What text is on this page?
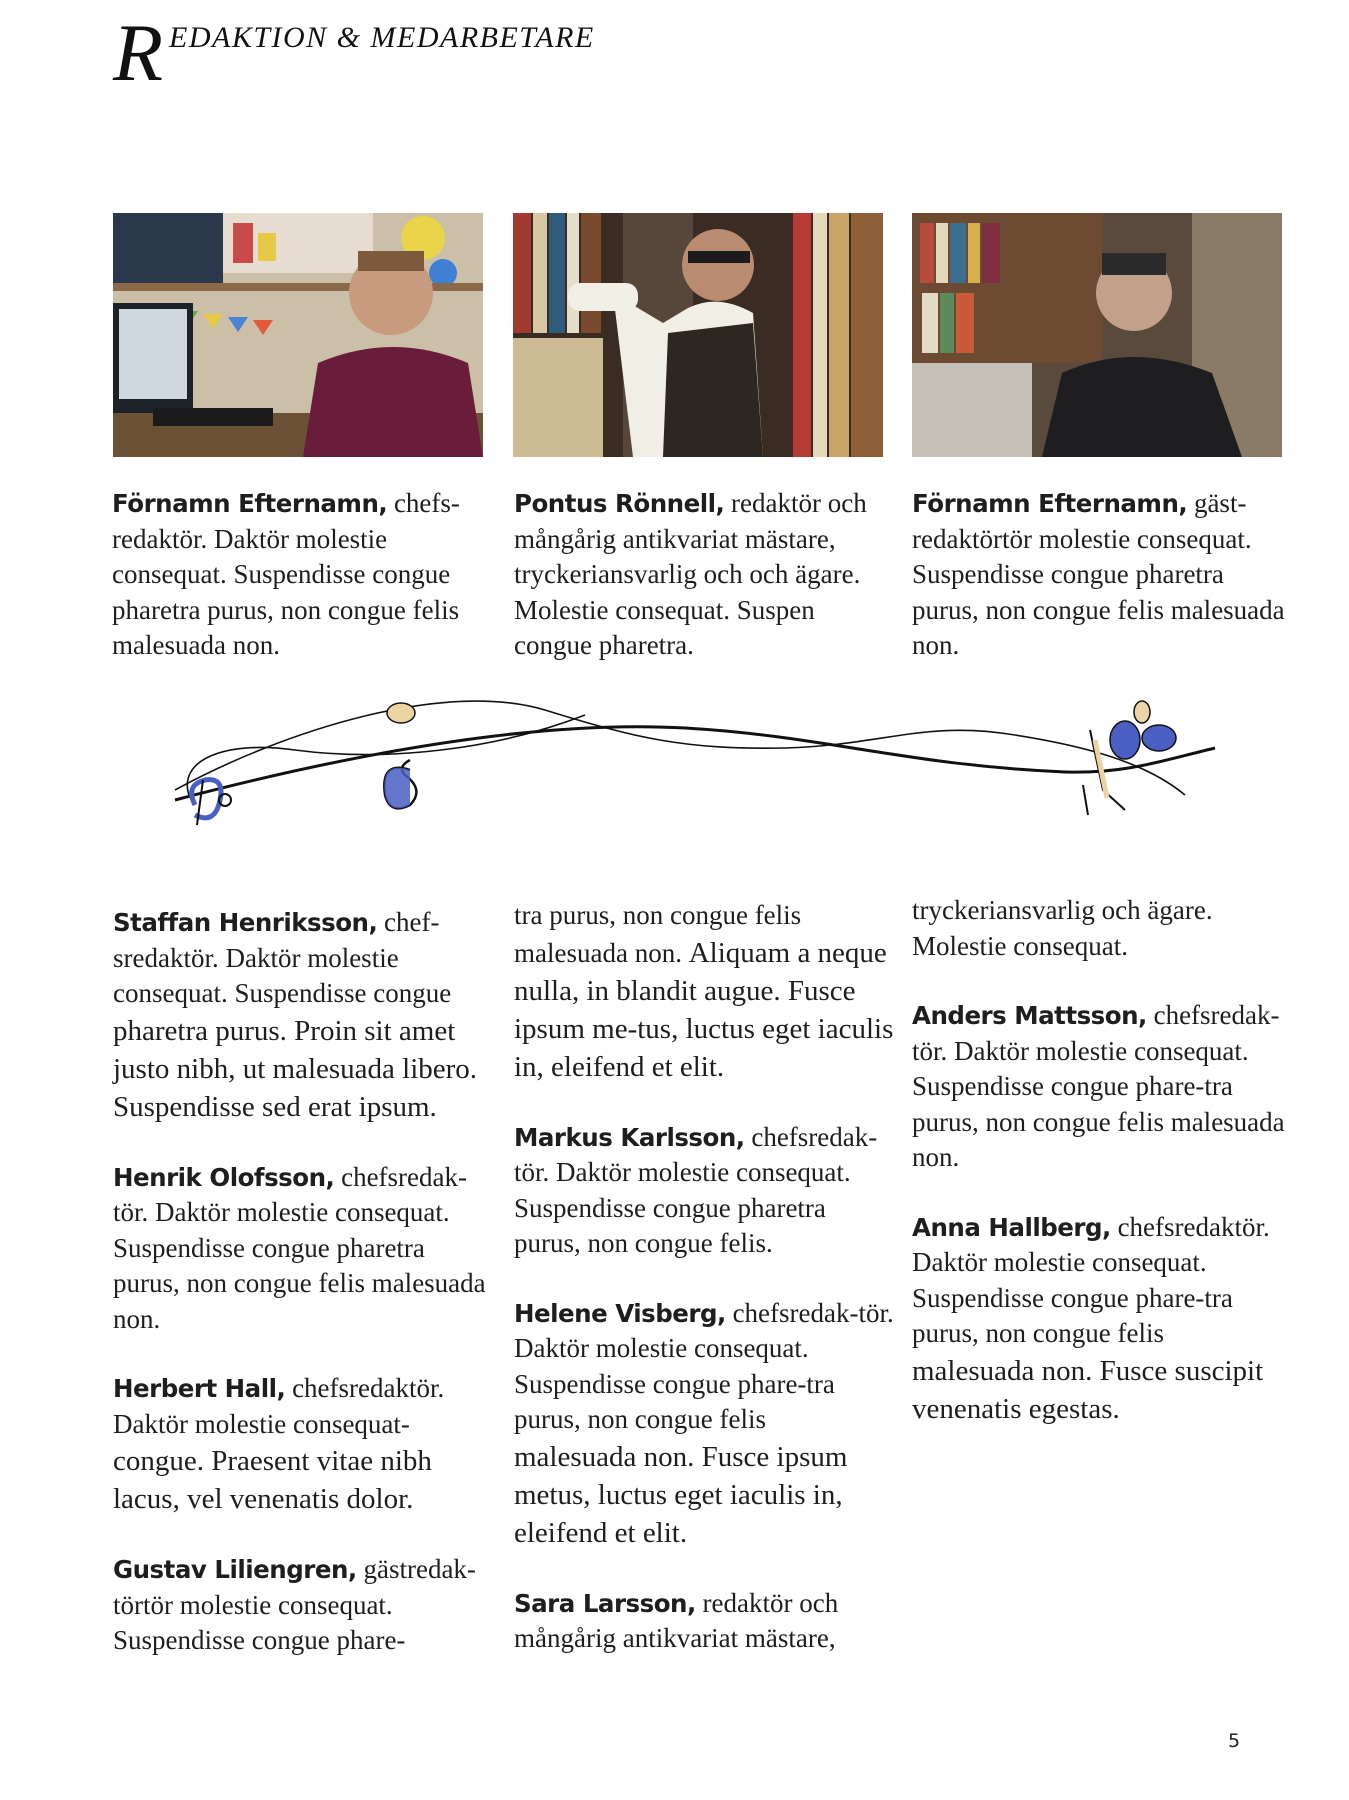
R EDAKTION & MEDARBETARE

Förnamn Efternamn, chefs-redaktör. Daktör molestie consequat. Suspendisse congue pharetra purus, non congue felis malesuada non.

Pontus Rönnell, redaktör och mångårig antikvariat mästare, tryckeriansvarlig och och ägare. Molestie consequat. Suspen congue pharetra.

Förnamn Efternamn, gäst-redaktörtör molestie consequat. Suspendisse congue pharetra purus, non congue felis malesuada non.

Staffan Henriksson, chef-sredaktör. Daktör molestie consequat. Suspendisse congue pharetra purus. Proin sit amet justo nibh, ut malesuada libero. Suspendisse sed erat ipsum.

Henrik Olofsson, chefsredak-tör. Daktör molestie consequat. Suspendisse congue pharetra purus, non congue felis malesuada non.

Herbert Hall, chefsredaktör. Daktör molestie consequat-congue. Praesent vitae nibh lacus, vel venenatis dolor.

Gustav Liliengren, gästredak-törtör molestie consequat. Suspendisse congue phare-

tra purus, non congue felis malesuada non. Aliquam a neque nulla, in blandit augue. Fusce ipsum me-tus, luctus eget iaculis in, eleifend et elit.

Markus Karlsson, chefsredak-tör. Daktör molestie consequat. Suspendisse congue pharetra purus, non congue felis.

Helene Visberg, chefsredak-tör. Daktör molestie consequat. Suspendisse congue phare-tra purus, non congue felis malesuada non. Fusce ipsum metus, luctus eget iaculis in, eleifend et elit.

Sara Larsson, redaktör och mångårig antikvariat mästare,

tryckeriansvarlig och ägare. Molestie consequat.

Anders Mattsson, chefsredak-tör. Daktör molestie consequat. Suspendisse congue phare-tra purus, non congue felis malesuada non.

Anna Hallberg, chefsredaktör. Daktör molestie consequat. Suspendisse congue phare-tra purus, non congue felis malesuada non. Fusce suscipit venenatis egestas.

5
